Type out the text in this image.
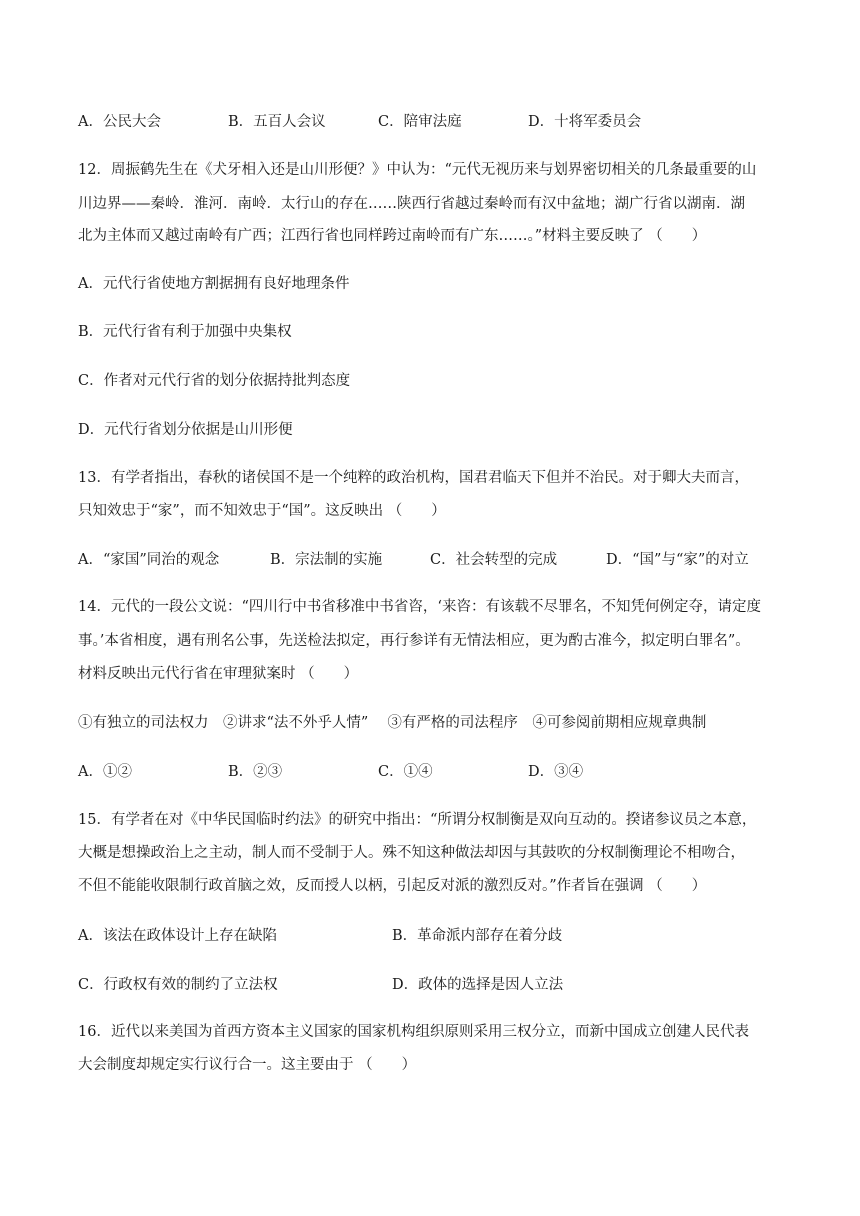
A．公民大会	B．五百人会议	C．陪审法庭	D．十将军委员会
12．周振鹤先生在《犬牙相入还是山川形便？》中认为：“元代无视历来与划界密切相关的几条最重要的山
川边界——秦岭．淮河．南岭．太行山的存在……陕西行省越过秦岭而有汉中盆地；湖广行省以湖南．湖
北为主体而又越过南岭有广西；江西行省也同样跨过南岭而有广东……。”材料主要反映了 （　　）
A．元代行省使地方割据拥有良好地理条件
B．元代行省有利于加强中央集权
C．作者对元代行省的划分依据持批判态度
D．元代行省划分依据是山川形便
13．有学者指出，春秋的诸侯国不是一个纯粹的政治机构，国君君临天下但并不治民。对于卿大夫而言，
只知效忠于“家”，而不知效忠于“国”。这反映出 （　　）
A．“家国”同治的观念	B．宗法制的实施	C．社会转型的完成	D．“国”与“家”的对立
14．元代的一段公文说：“四川行中书省移准中书省咨，‘来咨：有该载不尽罪名，不知凭何例定夺，请定度
事。’本省相度，遇有刑名公事，先送检法拟定，再行参详有无情法相应，更为酌古准今，拟定明白罪名”。
材料反映出元代行省在审理狱案时 （　　）
①有独立的司法权力　②讲求“法不外乎人情”　 ③有严格的司法程序　④可参阅前期相应规章典制
A．①②	B．②③	C．①④	D．③④
15．有学者在对《中华民国临时约法》的研究中指出：“所谓分权制衡是双向互动的。揆诸参议员之本意，
大概是想操政治上之主动，制人而不受制于人。殊不知这种做法却因与其鼓吹的分权制衡理论不相吻合，
不但不能能收限制行政首脑之效，反而授人以柄，引起反对派的激烈反对。”作者旨在强调 （　　）
A．该法在政体设计上存在缺陷	B．革命派内部存在着分歧
C．行政权有效的制约了立法权	D．政体的选择是因人立法
16．近代以来美国为首西方资本主义国家的国家机构组织原则采用三权分立，而新中国成立创建人民代表
大会制度却规定实行议行合一。这主要由于 （　　）
